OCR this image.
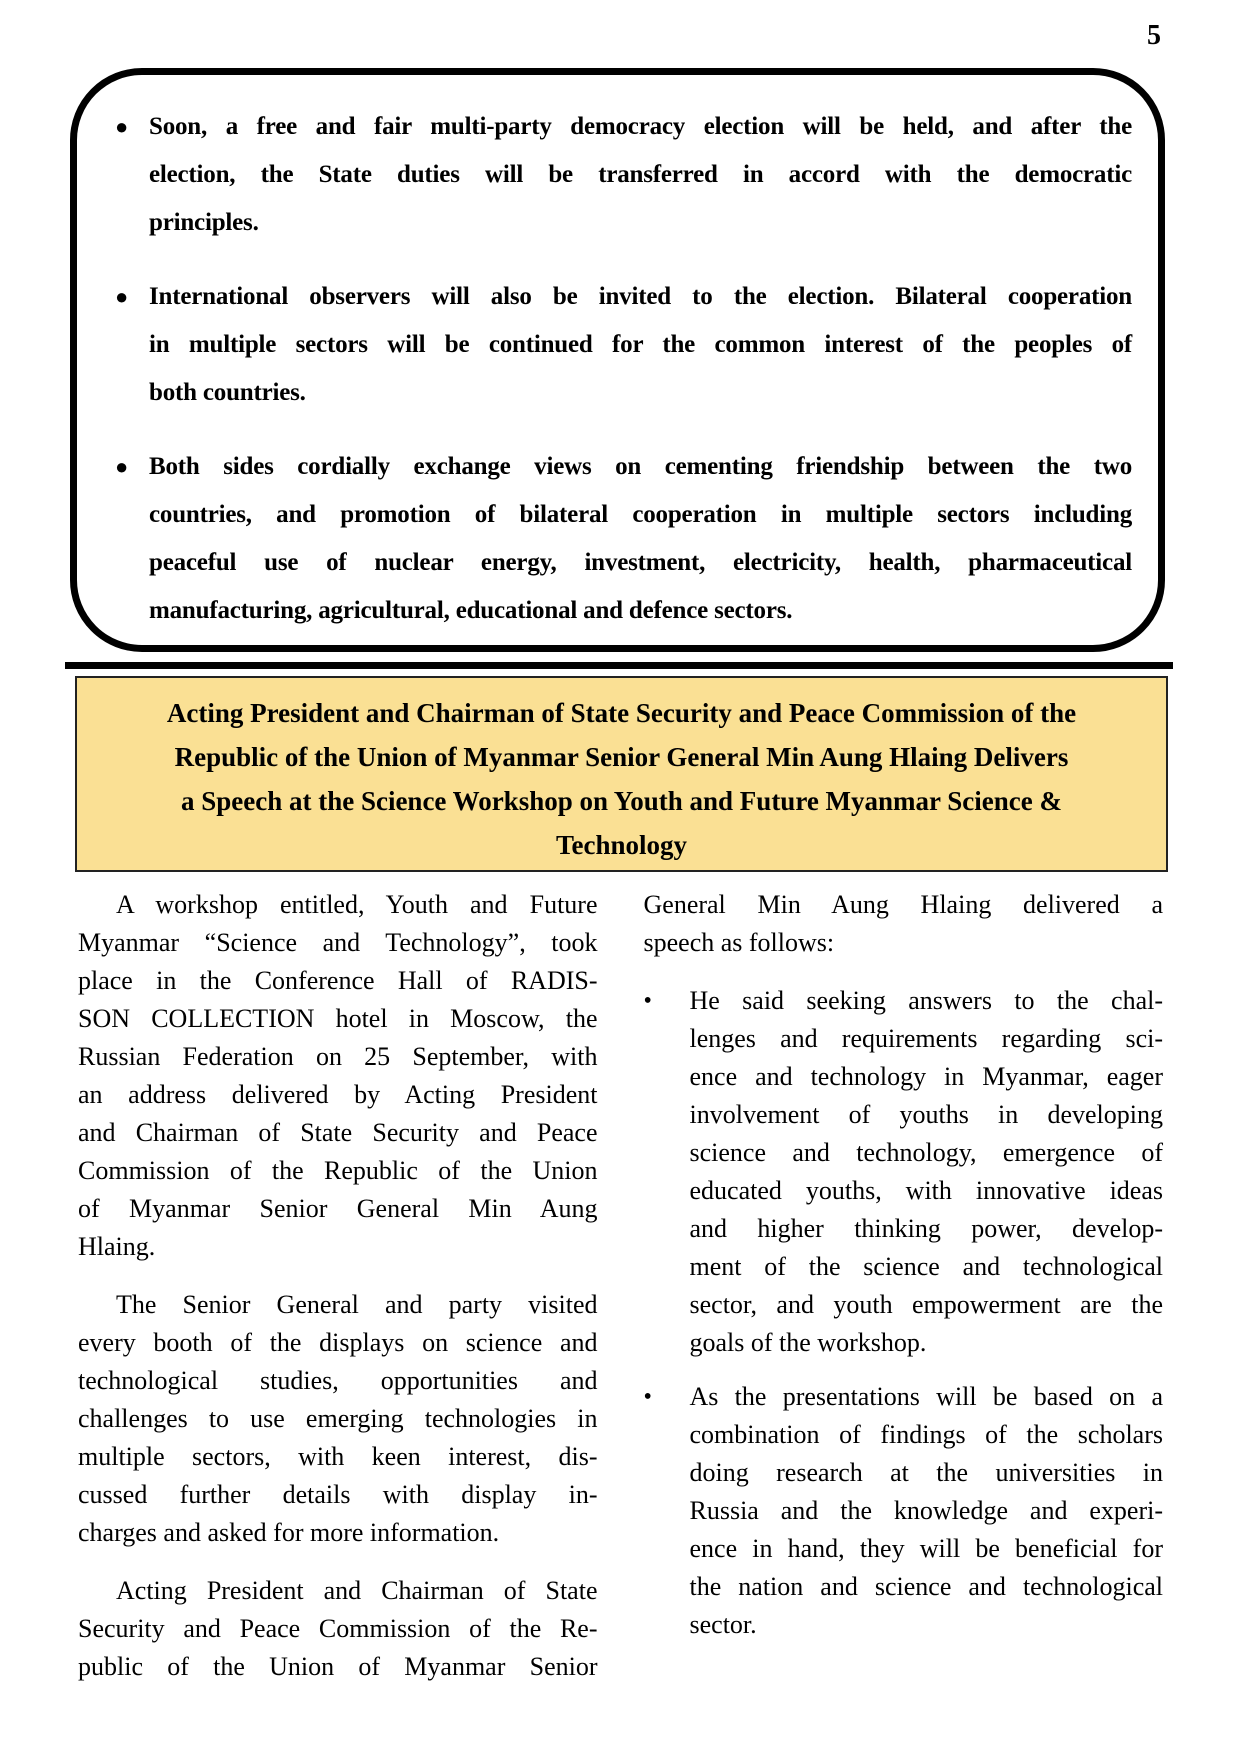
5
● Soon, a free and fair multi-party democracy election will be held, and after the
election, the State duties will be transferred in accord with the democratic
principles.
● International observers will also be invited to the election. Bilateral cooperation
in multiple sectors will be continued for the common interest of the peoples of
both countries.
● Both sides cordially exchange views on cementing friendship between the two
countries, and promotion of bilateral cooperation in multiple sectors including
peaceful use of nuclear energy, investment, electricity, health, pharmaceutical
manufacturing, agricultural, educational and defence sectors.
Acting President and Chairman of State Security and Peace Commission of the
Republic of the Union of Myanmar Senior General Min Aung Hlaing Delivers
a Speech at the Science Workshop on Youth and Future Myanmar Science &
Technology
A workshop entitled, Youth and Future
Myanmar “Science and Technology”, took
place in the Conference Hall of RADIS-
SON COLLECTION hotel in Moscow, the
Russian Federation on 25 September, with
an address delivered by Acting President
and Chairman of State Security and Peace
Commission of the Republic of the Union
of Myanmar Senior General Min Aung
Hlaing.
The Senior General and party visited
every booth of the displays on science and
technological studies, opportunities and
challenges to use emerging technologies in
multiple sectors, with keen interest, dis-
cussed further details with display in-
charges and asked for more information.
Acting President and Chairman of State
Security and Peace Commission of the Re-
public of the Union of Myanmar Senior
General Min Aung Hlaing delivered a
speech as follows:
•	He said seeking answers to the chal-
lenges and requirements regarding sci-
ence and technology in Myanmar, eager
involvement of youths in developing
science and technology, emergence of
educated youths, with innovative ideas
and higher thinking power, develop-
ment of the science and technological
sector, and youth empowerment are the
goals of the workshop.
•	As the presentations will be based on a
combination of findings of the scholars
doing research at the universities in
Russia and the knowledge and experi-
ence in hand, they will be beneficial for
the nation and science and technological
sector.
